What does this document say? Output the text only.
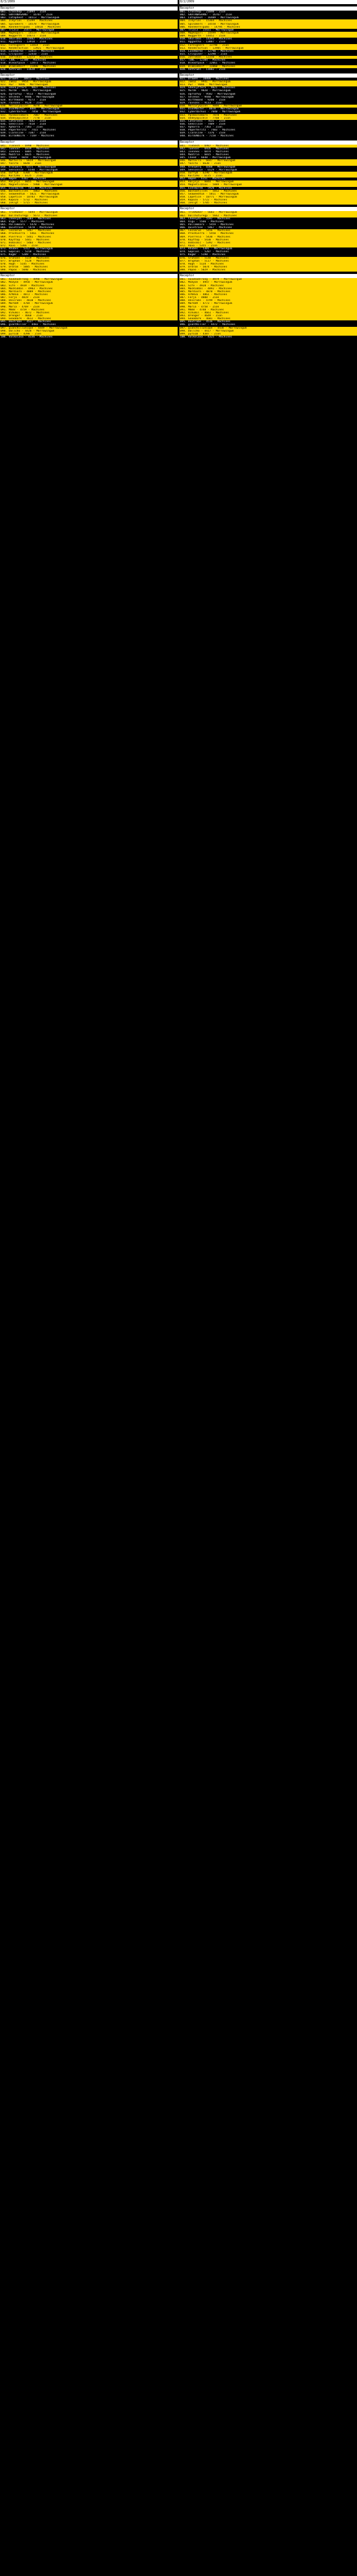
8/3/2009
Receptor
001. Crosshop - 21094 - Zion
002. GRATANASARN7 - 16787 - Zion
003. Latapheot - 16513 - Morrowingum
004. Ilkyrial - 15399 - Machines
005. Spinakers - 14578 - Morrowingum
006. Ronnkerelgumo - 14810 - Machines
007. Trial3 - 15471 - Morrowingum
008. Mapkoparl - 14519 - Morrowingum
009. Nuggerth - 14473 - Zion
010. SkullDoo - 14402 - Machines
011. Aggantha - 13910 - Zion
012. Foreigners - 13814 - Zion
013. Renderaction - 13921 - Morrowingum
014. Lundmarke - 12815 - Machines
015. Crispiner - 12410 - Zion
016. Zetrakan - 12373 - Machines
017. T3BL - 12108 - Machines
018. Bleoofpaik - 12073 - Machines
019. BlamieRolf - 11890 - Machines
020. Anthrums - 11620 - Zion
Receptor
021. Drowen - 10813 - Machines
022. Jamaz - 9954 - Morrowingum
023. Pw7 - 9896 - Morrowingum
024. GhenLyffern - 9837 - Machines
025. Murde - 9835 - Morrowingum
026. ogrnafwy - 9513 - Morrowingum
027. Selenos - 9446 - Morrowingum
028. Birthmand - 9273 - Zion
029. ravsonx - 9124 - Zion
030. MercuryQuinn - 9078 - Morrowingum
031. DionMaster - 8881 - Morrowingum
032. Cyberdarkus - 7850 - Morrowingum
033. Ppsmacnamara - 7887 - Machines
034. Ondeyapickle - 7770 - Zion
035. Catarvens - 7642 - Zion
036. Gneolloze - 7418 - Zion
037. Aphorra - 7383 - Zion
038. Paperheritz - 7415 - Machines
039. Claroline - 7387 - Zion
040. BirdoNbirk - 7169 - Machines
Receptor
041. Tlenesh - 6998 - Machines
042. Tuenser - 6939 - Machines
043. Isennex - 6885 - Machines
044. Mubtrin - 6825 - Machines
045. Cheed - 6659 - Morrowingum
046. Matterra - 6659 - Morrowingum
047. Yazito - 6648 - Zion
048. Vrenwerq - 6571 - Morrowingum
049. Seesonnie - 6540 - Morrowingum
050. Ouffy0 - 6300 - Morrowingum
051. Kalt2mu - 6125 - Zion
052. Ampen - 6162 - Machines
053. Raijnjc - 6055 - Morrowingum
054. MagneticDiox - 5900 - Morrowingum
055. Evenmorem - 5930 - Machines
056. Bastantilles - 5863 - Machines
057. Seaweedtun - 5821 - Morrowingum
058. Lapetice - 10783 - Morrowingum
059. Kapozo - 5732 - Machines
060. Inklgt - 5715 - Machines
Receptor
061. TrikRoker - 5694 - Morrowingum
062. ballhuturegp - 5673 - Machines
063. CheesyXn - 5603 - Machines
064. Vigu - 5577 - Machines
065. Pollakmarx - 5470 - Machines
066. Quietrose - 5478 - Machines
067. Cecnaruo - 5467 - Machines
068. ProcRierra - 5461 - Machines
069. Pierrelo - 5441 - Machines
070. Kayttop - 5441 - Machines
071. 8smalmic - 5403 - Machines
072. Ravo - 5366 - Zion
073. Rhubes - 5312 - Morrowingum
074. Gopsiel - 5218 - Machines
075. Kagmr - 5209 - Machines
076. Sruhann - 5159 - Machines
077. Bruphan - 5128 - Machines
078. Hugh - 5145 - Machines
079. Ordran - 5085 - Machines
080. Papoo - 5040 - Machines
Receptor
081. XavDeadFrong - 4990 - Morrowingum
082. McDyon - 4958 - Morrowingum
083. Sife - 4939 - Machines
084. MacRiddal - 4903 - Machines
085. Mardiorn - 4889 - Machines
086. ArKRva - 4872 - Machines
087. Ferja - 4819 - Zion
088. Unscrubs - 4810 - Machines
089. Mark89 - 4784 - Morrowingum
090. Maria - 4769 - Zion
091. Mhm8 - 4759 - Machines
092. Vihumil - 4672 - Machines
093. Drenger - 4660 - Zion
094. GnaoDark - 4612 - Machines
095. Doutrabe - 4527 - Machines
096. giantKiller - 4483 - Machines
097. gianchillunique - 4449 - Morrowingum
098. Dallcho - 4428 - Morrowingum
099. pyro10 - 4398 - Zion
100. Valkolaxa - 4336 - Machines
8/2/2009
Receptor
001. Crosshop - 21040 - Zion
002. GRATANASARN7 - 16767 - Zion
003. Latapheot - 16489 - Morrowingum
004. Ilkyrial - 15364 - Machines
005. Spinakers - 14558 - Morrowingum
006. Ronnkerelgumo - 14794 - Machines
007. Trial3 - 15431 - Morrowingum
008. Mapkoparl - 14499 - Morrowingum
009. Nuggerth - 14452 - Zion
010. SkullDoo - 14393 - Machines
011. Aggantha - 13887 - Zion
012. Foreigners - 13798 - Zion
013. Renderaction - 13905 - Morrowingum
014. Lundmarke - 12798 - Machines
015. Crispiner - 12398 - Zion
016. Zetrakan - 12350 - Machines
017. T3BL - 12104 - Machines
018. Bleoofpaik - 12061 - Machines
019. BlamieRolf - 11860 - Machines
020. Anthrums - 11602 - Zion
Receptor
021. Drowen - 10800 - Machines
022. Jamaz - 9941 - Morrowingum
023. Pw7 - 9886 - Morrowingum
024. GhenLyffern - 9821 - Machines
025. Murde - 9820 - Morrowingum
026. ogrnafwy - 9502 - Morrowingum
027. Selenos - 9440 - Morrowingum
028. Birthmand - 9260 - Zion
029. ravsonx - 9113 - Zion
030. MercuryQuinn - 9066 - Morrowingum
031. DionMaster - 8870 - Morrowingum
032. Cyberdarkus - 7840 - Morrowingum
033. Ppsmacnamara - 7878 - Machines
034. Ondeyapickle - 7760 - Zion
035. Catarvens - 7631 - Zion
036. Gneolloze - 7409 - Zion
037. Aphorra - 7363 - Zion
038. Paperheritz - 7403 - Machines
039. Claroline - 7376 - Zion
040. BirdoNbirk - 7158 - Machines
Receptor
041. Tlenesh - 6987 - Machines
042. Tuenser - 6926 - Machines
043. Isennex - 6874 - Machines
044. Mubtrin - 6815 - Machines
045. Cheed - 6648 - Morrowingum
046. Matterra - 6647 - Morrowingum
047. Yazito - 6638 - Zion
048. Vrenwerq - 6560 - Morrowingum
049. Seesonnie - 6529 - Morrowingum
050. Ouffy0 - 6290 - Morrowingum
051. Kalt2mu - 6115 - Zion
052. Ampen - 6151 - Machines
053. Raijnjc - 6044 - Morrowingum
054. MagneticDiox - 5889 - Morrowingum
055. Evenmorem - 5920 - Machines
056. Bastantilles - 5852 - Machines
057. Seaweedtun - 5811 - Morrowingum
058. Lapetice - 10771 - Morrowingum
059. Kapozo - 5722 - Machines
060. Inklgt - 5705 - Machines
Receptor
061. TrikRoker - 5683 - Morrowingum
062. ballhuturegp - 5662 - Machines
063. CheesyXn - 5592 - Machines
064. Vigu - 5566 - Machines
065. Pollakmarx - 5459 - Machines
066. Quietrose - 5467 - Machines
067. Cecnaruo - 5456 - Machines
068. ProcRierra - 5450 - Machines
069. Pierrelo - 5430 - Machines
070. Kayttop - 5430 - Machines
071. 8smalmic - 5392 - Machines
072. Ravo - 5355 - Zion
073. Rhubes - 5301 - Morrowingum
074. Gopsiel - 5207 - Machines
075. Kagmr - 5198 - Machines
076. Sruhann - 5148 - Machines
077. Bruphan - 5117 - Machines
078. Hugh - 5134 - Machines
079. Ordran - 5074 - Machines
080. Papoo - 5029 - Machines
Receptor
081. XavDeadFrong - 4979 - Morrowingum
082. McDyon - 4947 - Morrowingum
083. Sife - 4928 - Machines
084. MacRiddal - 4892 - Machines
085. Mardiorn - 4878 - Machines
086. ArKRva - 4861 - Machines
087. Ferja - 4808 - Zion
088. Unscrubs - 4799 - Machines
089. Mark89 - 4773 - Morrowingum
090. Maria - 4758 - Zion
091. Mhm8 - 4748 - Machines
092. Vihumil - 4661 - Machines
093. Drenger - 4649 - Zion
094. GnaoDark - 4601 - Machines
095. Doutrabe - 4516 - Machines
096. giantKiller - 4472 - Machines
097. gianchillunique - 4438 - Morrowingum
098. Dallcho - 4417 - Morrowingum
099. pyro10 - 4387 - Zion
100. Valkolaxa - 4325 - Machines
